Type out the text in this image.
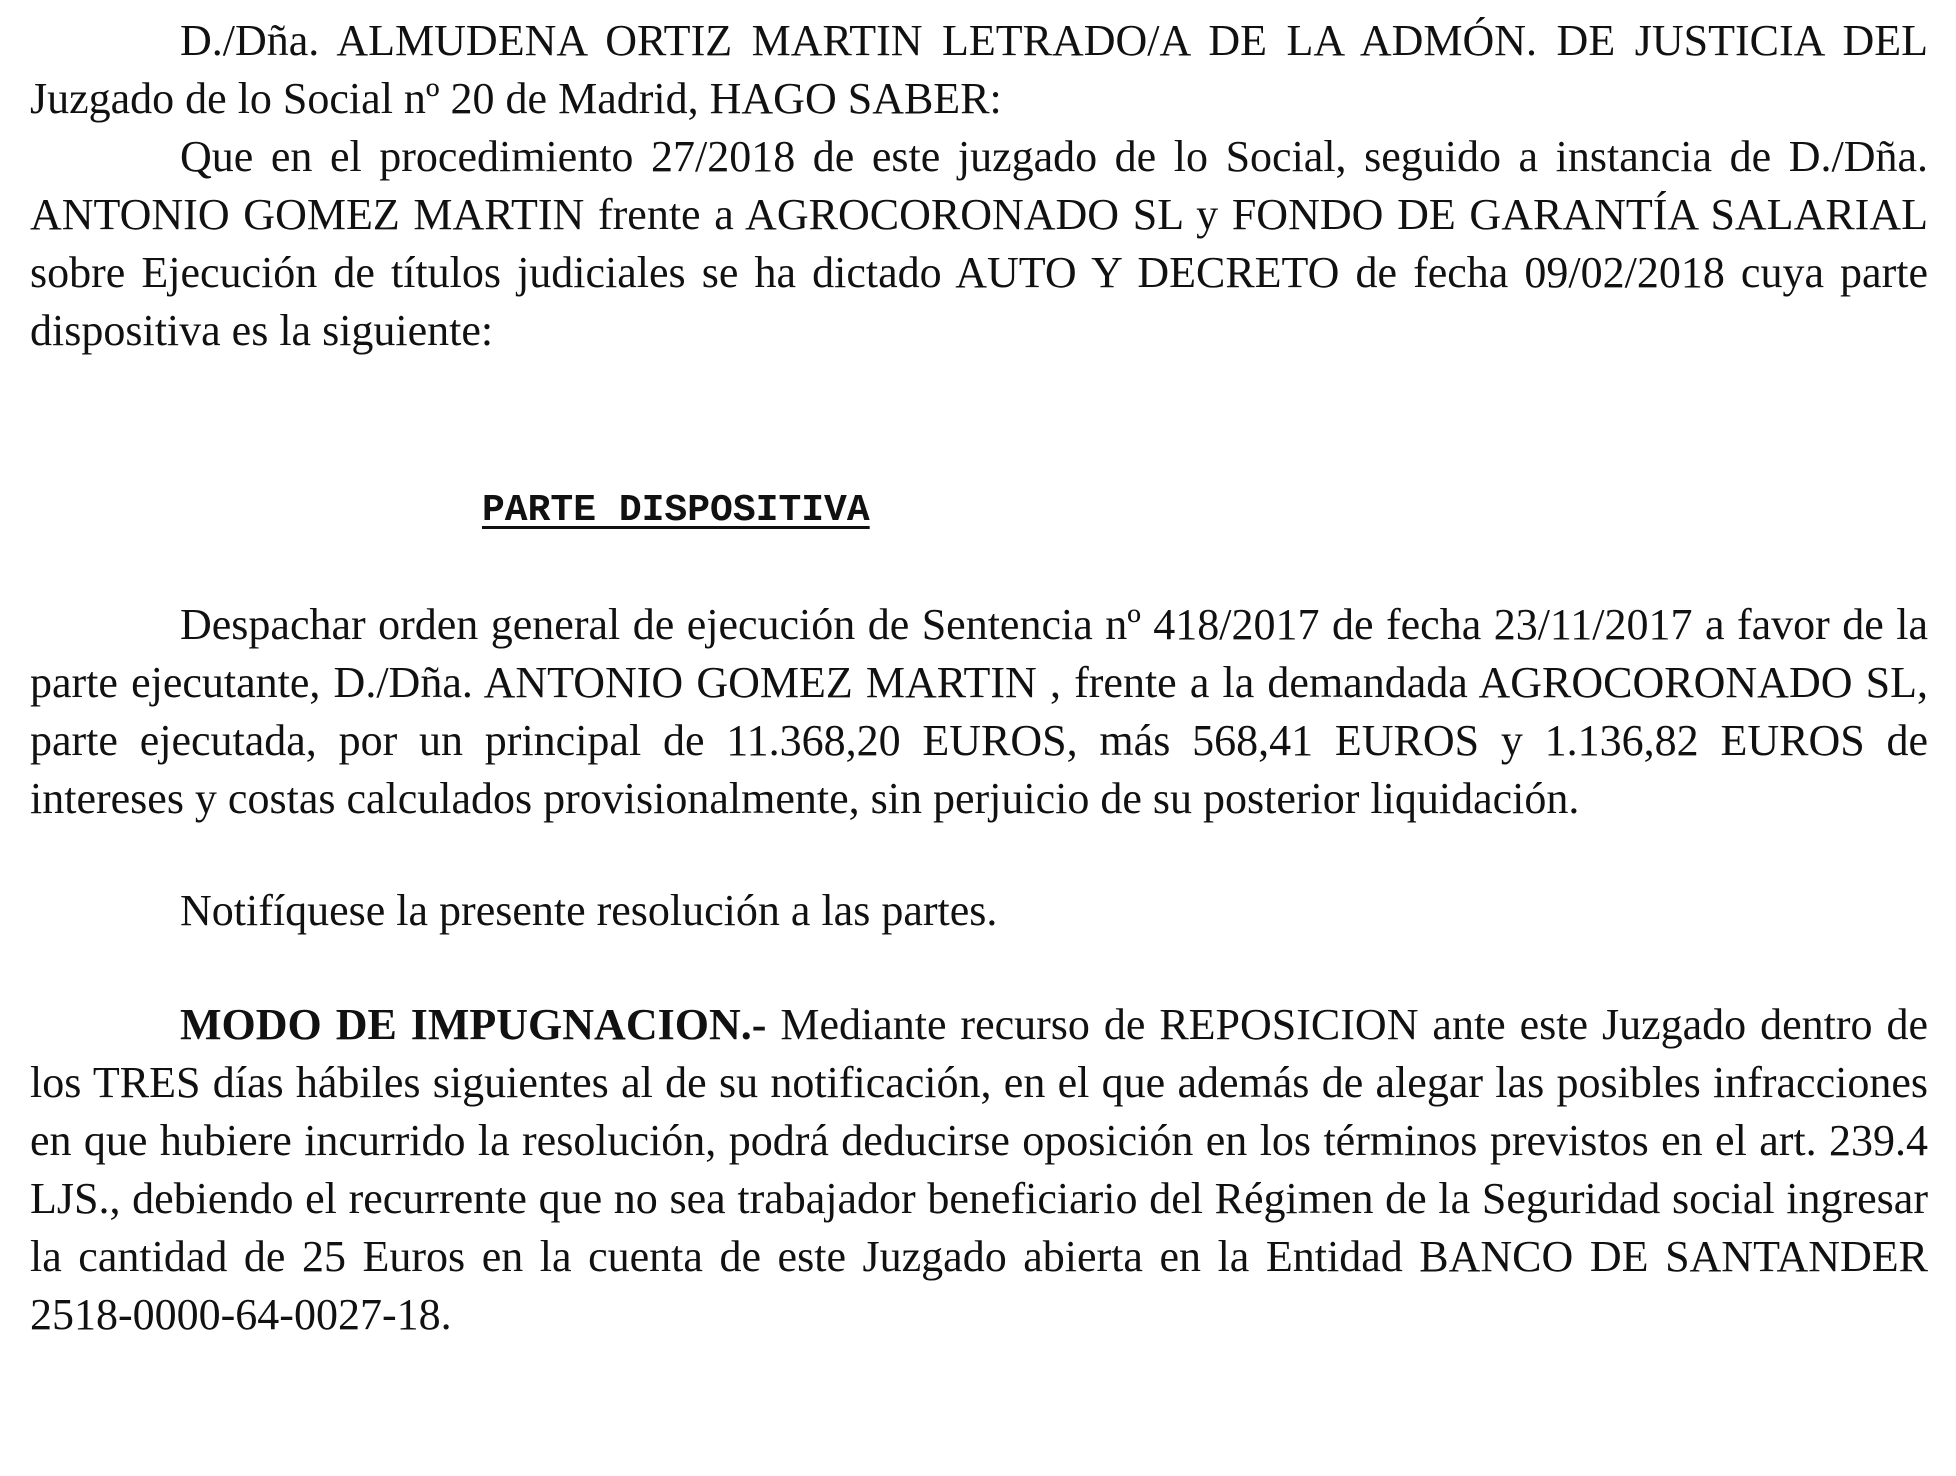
D./Dña. ALMUDENA ORTIZ MARTIN LETRADO/A DE LA ADMÓN. DE JUSTICIA DEL Juzgado de lo Social nº 20 de Madrid, HAGO SABER:

Que en el procedimiento 27/2018 de este juzgado de lo Social, seguido a instancia de D./Dña. ANTONIO GOMEZ MARTIN frente a AGROCORONADO SL y FONDO DE GARANTÍA SALARIAL sobre Ejecución de títulos judiciales se ha dictado AUTO Y DECRETO de fecha 09/02/2018 cuya parte dispositiva es la siguiente:

PARTE DISPOSITIVA

Despachar orden general de ejecución de Sentencia nº 418/2017 de fecha 23/11/2017 a favor de la parte ejecutante, D./Dña. ANTONIO GOMEZ MARTIN , frente a la demandada AGROCORONADO SL, parte ejecutada, por un principal de 11.368,20 EUROS, más 568,41 EUROS y 1.136,82 EUROS de intereses y costas calculados provisionalmente, sin perjuicio de su posterior liquidación.

Notifíquese la presente resolución a las partes.

MODO DE IMPUGNACION.- Mediante recurso de REPOSICION ante este Juzgado dentro de los TRES días hábiles siguientes al de su notificación, en el que además de alegar las posibles infracciones en que hubiere incurrido la resolución, podrá deducirse oposición en los términos previstos en el art. 239.4 LJS., debiendo el recurrente que no sea trabajador beneficiario del Régimen de la Seguridad social ingresar la cantidad de 25 Euros en la cuenta de este Juzgado abierta en la Entidad BANCO DE SANTANDER 2518-0000-64-0027-18.
